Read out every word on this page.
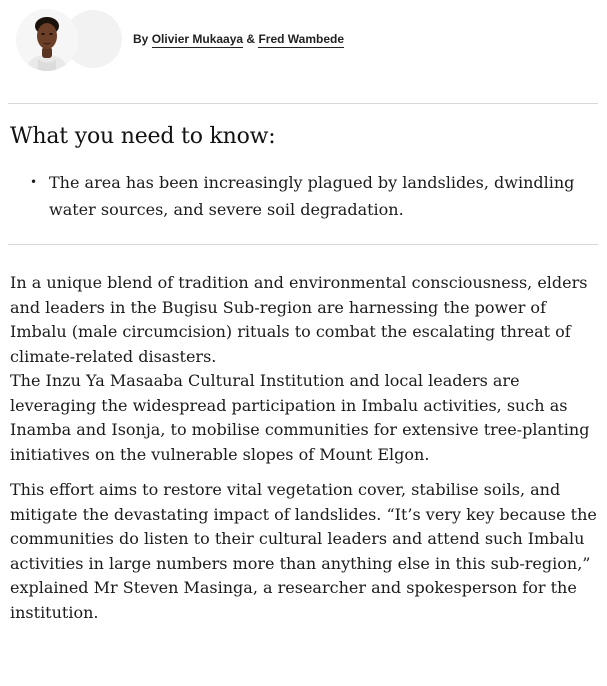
By Olivier Mukaaya & Fred Wambede
What you need to know:
• The area has been increasingly plagued by landslides, dwindling water sources, and severe soil degradation.

In a unique blend of tradition and environmental consciousness, elders and leaders in the Bugisu Sub-region are harnessing the power of Imbalu (male circumcision) rituals to combat the escalating threat of climate-related disasters.

The Inzu Ya Masaaba Cultural Institution and local leaders are leveraging the widespread participation in Imbalu activities, such as Inamba and Isonja, to mobilise communities for extensive tree-planting initiatives on the vulnerable slopes of Mount Elgon.

This effort aims to restore vital vegetation cover, stabilise soils, and mitigate the devastating impact of landslides. “It’s very key because the communities do listen to their cultural leaders and attend such Imbalu activities in large numbers more than anything else in this sub-region,” explained Mr Steven Masinga, a researcher and spokesperson for the institution.
